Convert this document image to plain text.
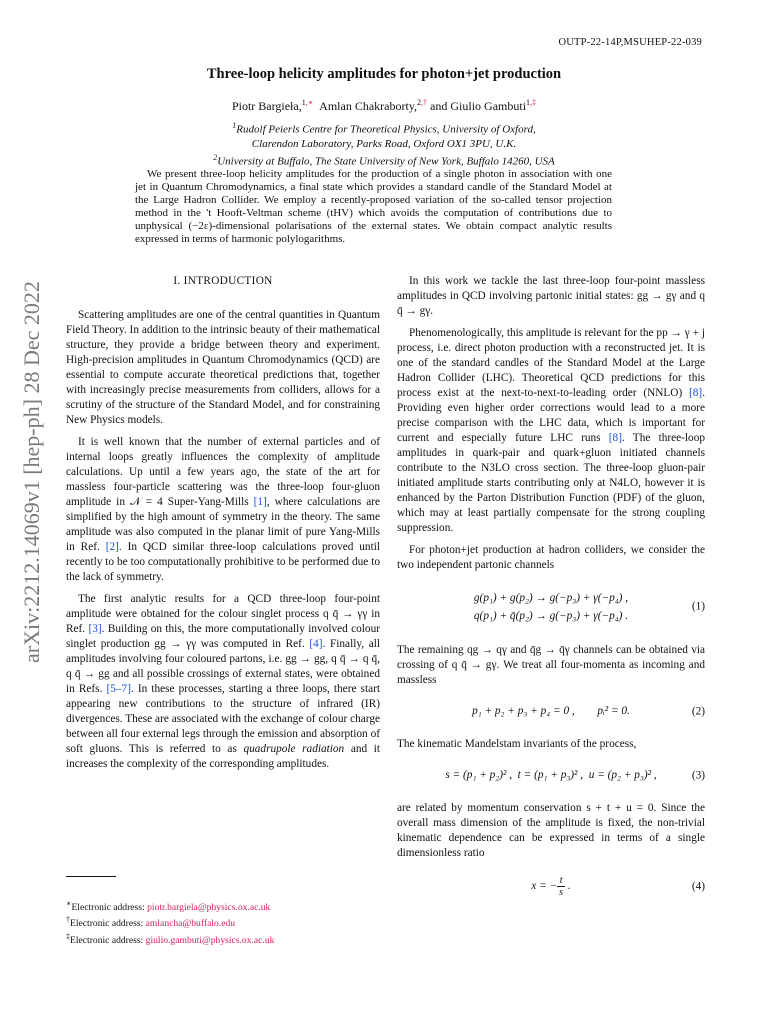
OUTP-22-14P,MSUHEP-22-039
Three-loop helicity amplitudes for photon+jet production
Piotr Bargieła,$^{1,∗}$ Amlan Chakraborty,$^{2,\dagger}$ and Giulio Gambuti$^{1,\ddagger}$
$^1$Rudolf Peierls Centre for Theoretical Physics, University of Oxford,
Clarendon Laboratory, Parks Road, Oxford OX1 3PU, U.K.
$^2$University at Buffalo, The State University of New York, Buffalo 14260, USA
We present three-loop helicity amplitudes for the production of a single photon in association with one jet in Quantum Chromodynamics, a final state which provides a standard candle of the Standard Model at the Large Hadron Collider. We employ a recently-proposed variation of the so-called tensor projection method in the 't Hooft-Veltman scheme (tHV) which avoids the computation of contributions due to unphysical (−2ε)-dimensional polarisations of the external states. We obtain compact analytic results expressed in terms of harmonic polylogarithms.
arXiv:2212.14069v1 [hep-ph] 28 Dec 2022
I. INTRODUCTION

Scattering amplitudes are one of the central quantities in Quantum Field Theory. In addition to the intrinsic beauty of their mathematical structure, they provide a bridge between theory and experiment. High-precision amplitudes in Quantum Chromodynamics (QCD) are essential to compute accurate theoretical predictions that, together with increasingly precise measurements from colliders, allows for a scrutiny of the structure of the Standard Model, and for constraining New Physics models.

It is well known that the number of external particles and of internal loops greatly influences the complexity of amplitude calculations. Up until a few years ago, the state of the art for massless four-particle scattering was the three-loop four-gluon amplitude in 𝒩 = 4 Super-Yang-Mills [1], where calculations are simplified by the high amount of symmetry in the theory. The same amplitude was also computed in the planar limit of pure Yang-Mills in Ref. [2]. In QCD similar three-loop calculations proved until recently to be too computationally prohibitive to be performed due to the lack of symmetry.

The first analytic results for a QCD three-loop four-point amplitude were obtained for the colour singlet process q q̄ → γγ in Ref. [3]. Building on this, the more computationally involved colour singlet production gg → γγ was computed in Ref. [4]. Finally, all amplitudes involving four coloured partons, i.e. gg → gg, q q̄ → q q̄, q q̄ → gg and all possible crossings of external states, were obtained in Refs. [5–7]. In these processes, starting a three loops, there start appearing new contributions to the structure of infrared (IR) divergences. These are associated with the exchange of colour charge between all four external legs through the emission and absorption of soft gluons. This is referred to as quadrupole radiation and it increases the complexity of the corresponding amplitudes.

∗Electronic address: piotr.bargiela@physics.ox.ac.uk
†Electronic address: amlancha@buffalo.edu
‡Electronic address: giulio.gambuti@physics.ox.ac.uk

In this work we tackle the last three-loop four-point massless amplitudes in QCD involving partonic initial states: gg → gγ and q q̄ → gγ.

Phenomenologically, this amplitude is relevant for the pp → γ + j process, i.e. direct photon production with a reconstructed jet. It is one of the standard candles of the Standard Model at the Large Hadron Collider (LHC). Theoretical QCD predictions for this process exist at the next-to-next-to-leading order (NNLO) [8]. Providing even higher order corrections would lead to a more precise comparison with the LHC data, which is important for current and especially future LHC runs [8]. The three-loop amplitudes in quark-pair and quark+gluon initiated channels contribute to the N3LO cross section. The three-loop gluon-pair initiated amplitude starts contributing only at N4LO, however it is enhanced by the Parton Distribution Function (PDF) of the gluon, which may at least partially compensate for the strong coupling suppression.

For photon+jet production at hadron colliders, we consider the two independent partonic channels

g(p₁) + g(p₂) → g(−p₃) + γ(−p₄) ,
q(p₁) + q̄(p₂) → g(−p₃) + γ(−p₄) .
(1)

The remaining qg → qγ and q̄g → q̄γ channels can be obtained via crossing of q q̄ → gγ. We treat all four-momenta as incoming and massless

p₁ + p₂ + p₃ + p₄ = 0 ,        pᵢ² = 0.	(2)

The kinematic Mandelstam invariants of the process,

s = (p₁ + p₂)² ,  t = (p₁ + p₃)² ,  u = (p₂ + p₃)² ,	(3)

are related by momentum conservation s + t + u = 0. Since the overall mass dimension of the amplitude is fixed, the non-trivial kinematic dependence can be expressed in terms of a single dimensionless ratio

x = − $\frac{t}{s}$ .	(4)
